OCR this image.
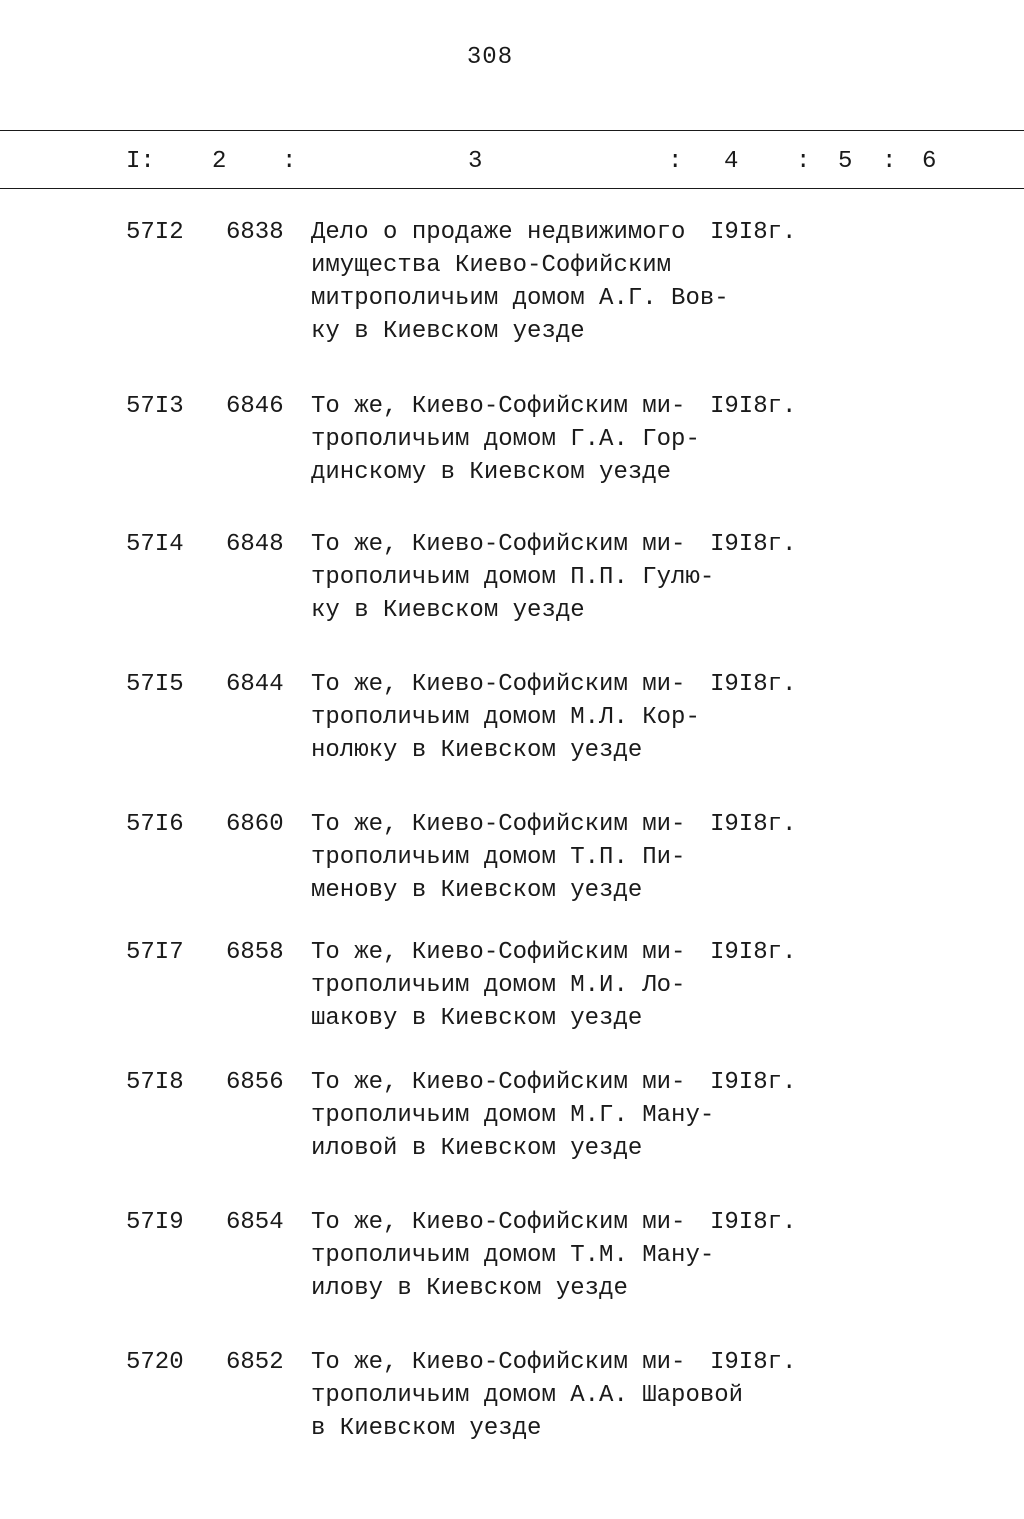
308
I: 2 :	3	: 4 : 5 : 6
57I2 6838 Дело о продаже недвижимого
имущества Киево-Софийским
митрополичьим домом А.Г. Вов-
ку в Киевском уезде
I9I8г.
57I3 6846 То же, Киево-Софийским ми-
трополичьим домом Г.А. Гор-
динскому в Киевском уезде
I9I8г.
57I4 6848 То же, Киево-Софийским ми-
трополичьим домом П.П. Гулю-
ку в Киевском уезде
I9I8г.
57I5 6844 То же, Киево-Софийским ми-
трополичьим домом М.Л. Кор-
нолюку в Киевском уезде
I9I8г.
57I6 6860 То же, Киево-Софийским ми-
трополичьим домом Т.П. Пи-
менову в Киевском уезде
I9I8г.
57I7 6858 То же, Киево-Софийским ми-
трополичьим домом М.И. Ло-
шакову в Киевском уезде
I9I8г.
57I8 6856 То же, Киево-Софийским ми-
трополичьим домом М.Г. Ману-
иловой в Киевском уезде
I9I8г.
57I9 6854 То же, Киево-Софийским ми-
трополичьим домом Т.М. Ману-
илову в Киевском уезде
I9I8г.
5720 6852 То же, Киево-Софийским ми-
трополичьим домом А.А. Шаровой
в Киевском уезде
I9I8г.
